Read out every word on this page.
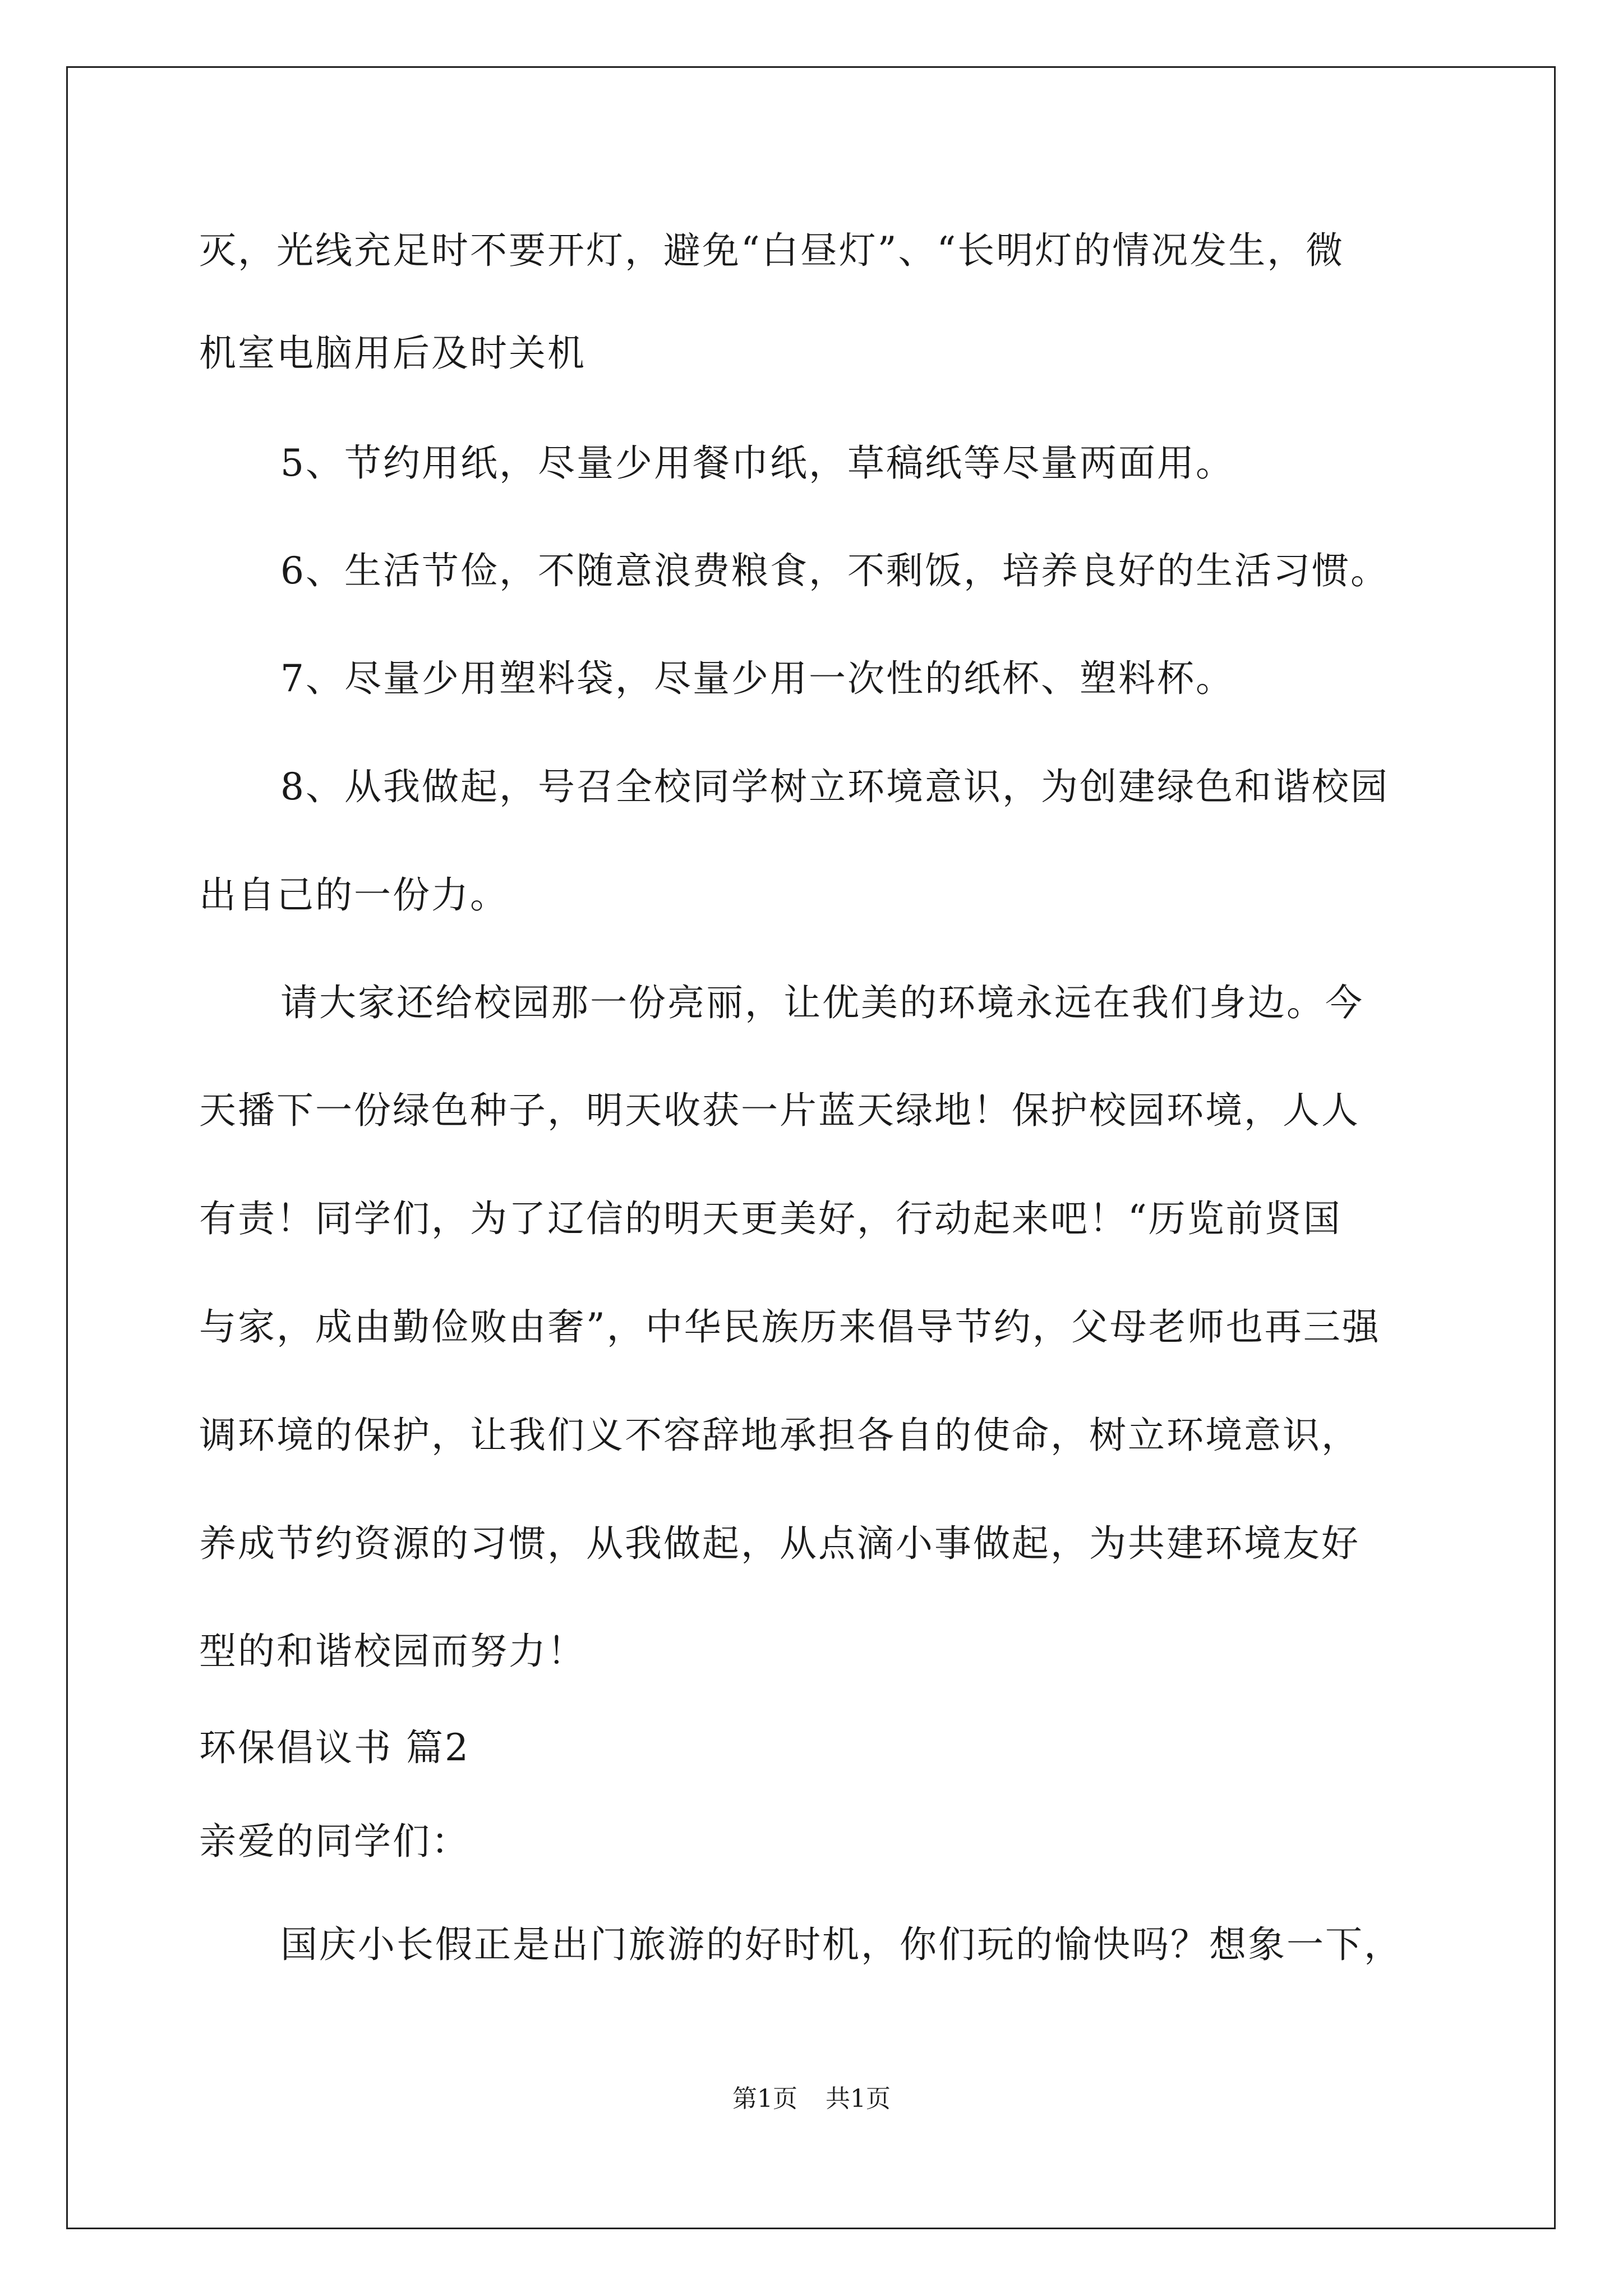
灭，光线充足时不要开灯，避免“白昼灯”、“长明灯的情况发生，微
机室电脑用后及时关机
5、节约用纸，尽量少用餐巾纸，草稿纸等尽量两面用。
6、生活节俭，不随意浪费粮食，不剩饭，培养良好的生活习惯。
7、尽量少用塑料袋，尽量少用一次性的纸杯、塑料杯。
8、从我做起，号召全校同学树立环境意识，为创建绿色和谐校园
出自己的一份力。
请大家还给校园那一份亮丽，让优美的环境永远在我们身边。今
天播下一份绿色种子，明天收获一片蓝天绿地！保护校园环境，人人
有责！同学们，为了辽信的明天更美好，行动起来吧！“历览前贤国
与家，成由勤俭败由奢”，中华民族历来倡导节约，父母老师也再三强
调环境的保护，让我们义不容辞地承担各自的使命，树立环境意识，
养成节约资源的习惯，从我做起，从点滴小事做起，为共建环境友好
型的和谐校园而努力！
环保倡议书 篇2
亲爱的同学们：
国庆小长假正是出门旅游的好时机，你们玩的愉快吗？想象一下，
第1页 共1页
